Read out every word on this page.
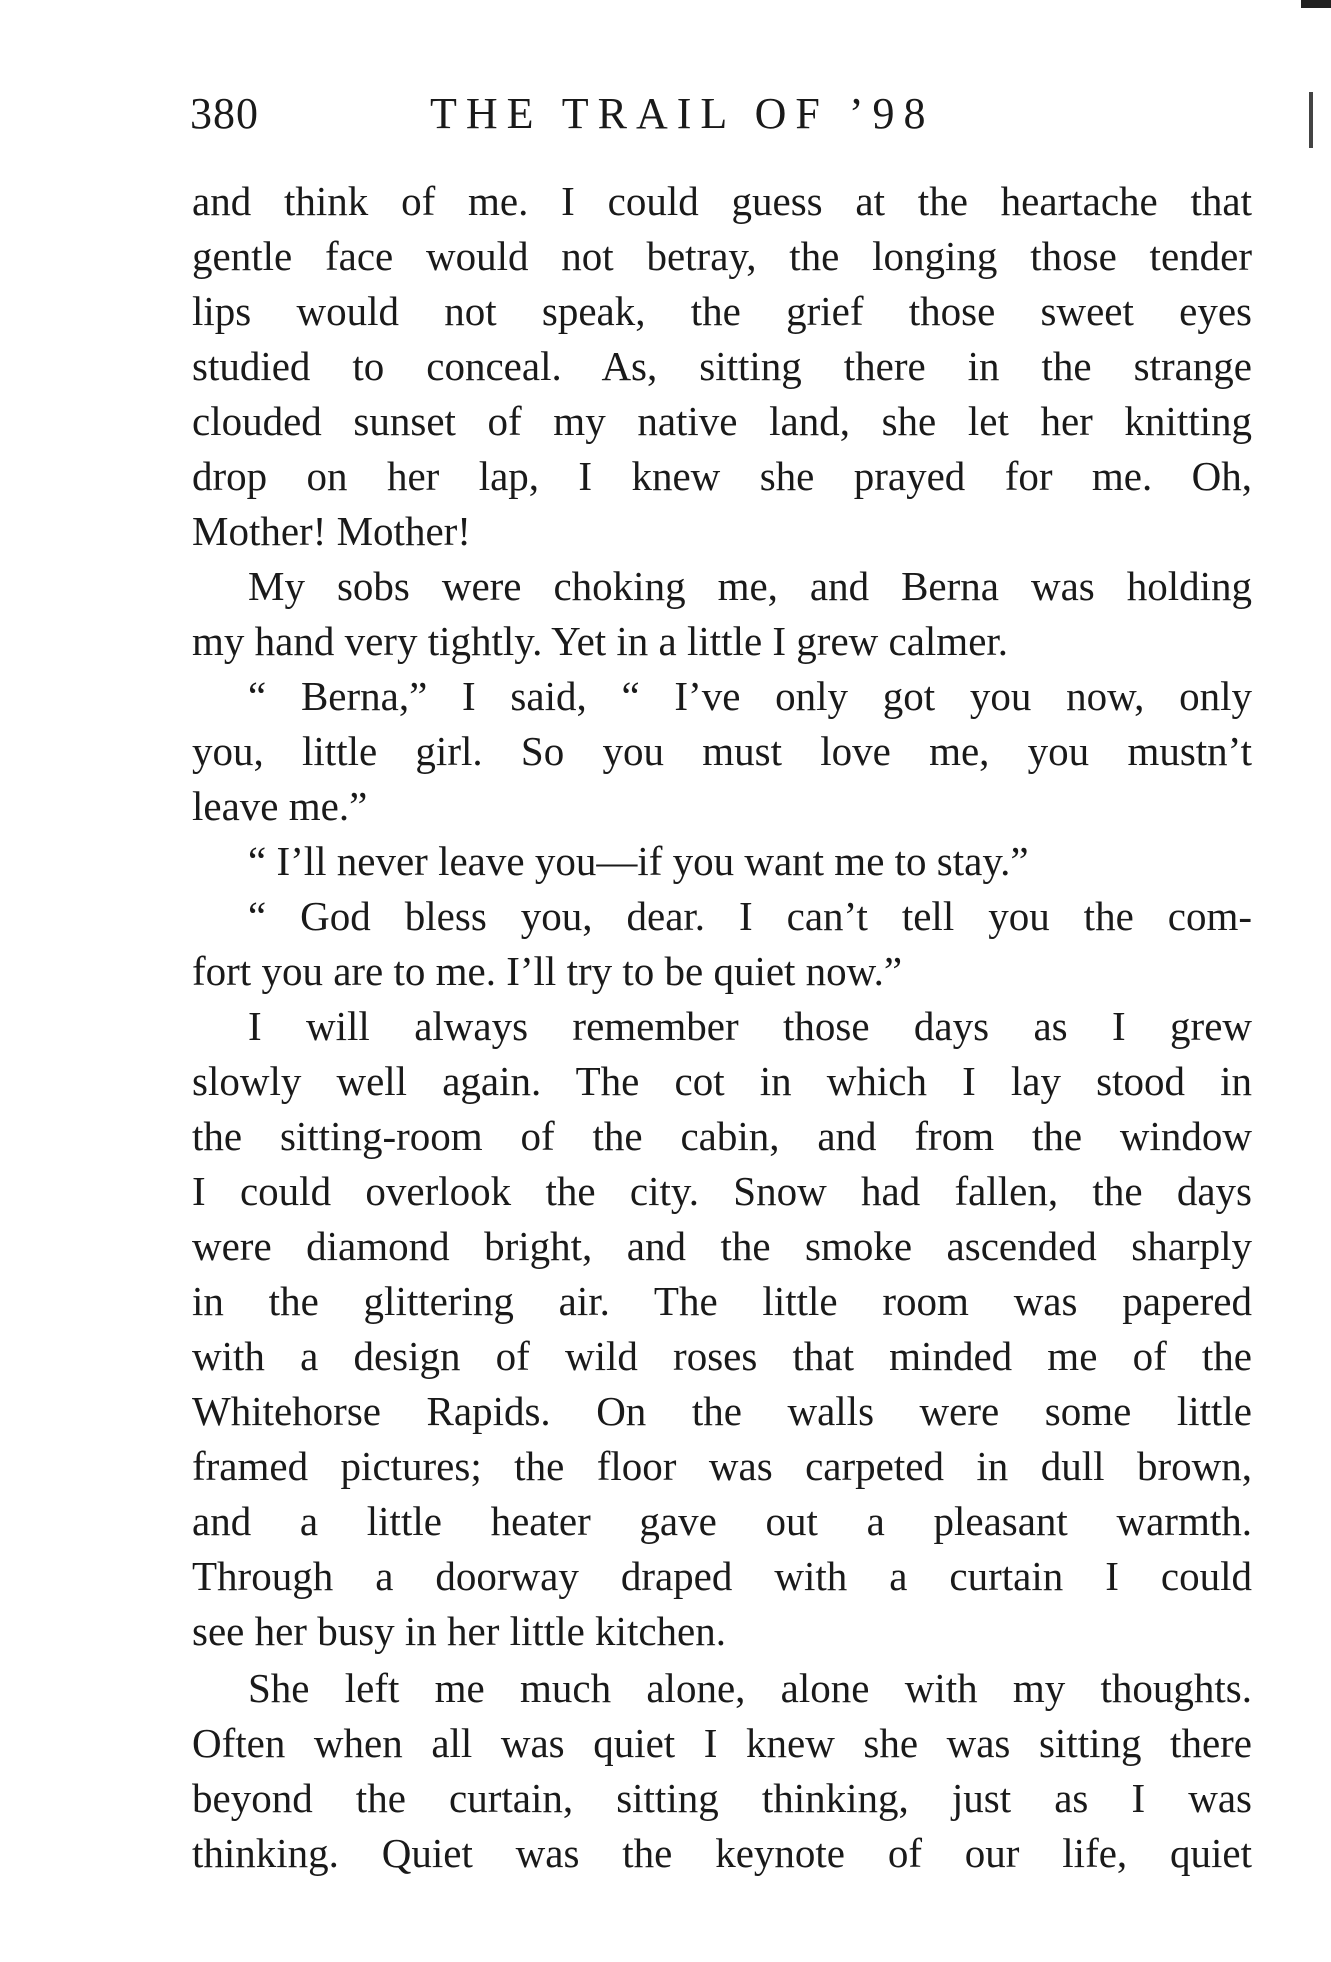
380	THE TRAIL OF ’98
and think of me. I could guess at the heartache that
gentle face would not betray, the longing those tender
lips would not speak, the grief those sweet eyes
studied to conceal. As, sitting there in the strange
clouded sunset of my native land, she let her knitting
drop on her lap, I knew she prayed for me. Oh,
Mother! Mother!
My sobs were choking me, and Berna was holding
my hand very tightly. Yet in a little I grew calmer.
“ Berna,” I said, “ I’ve only got you now, only
you, little girl. So you must love me, you mustn’t
leave me.”
“ I’ll never leave you—if you want me to stay.”
“ God bless you, dear. I can’t tell you the com-
fort you are to me. I’ll try to be quiet now.”
I will always remember those days as I grew
slowly well again. The cot in which I lay stood in
the sitting-room of the cabin, and from the window
I could overlook the city. Snow had fallen, the days
were diamond bright, and the smoke ascended sharply
in the glittering air. The little room was papered
with a design of wild roses that minded me of the
Whitehorse Rapids. On the walls were some little
framed pictures; the floor was carpeted in dull brown,
and a little heater gave out a pleasant warmth.
Through a doorway draped with a curtain I could
see her busy in her little kitchen.
She left me much alone, alone with my thoughts.
Often when all was quiet I knew she was sitting there
beyond the curtain, sitting thinking, just as I was
thinking. Quiet was the keynote of our life, quiet
